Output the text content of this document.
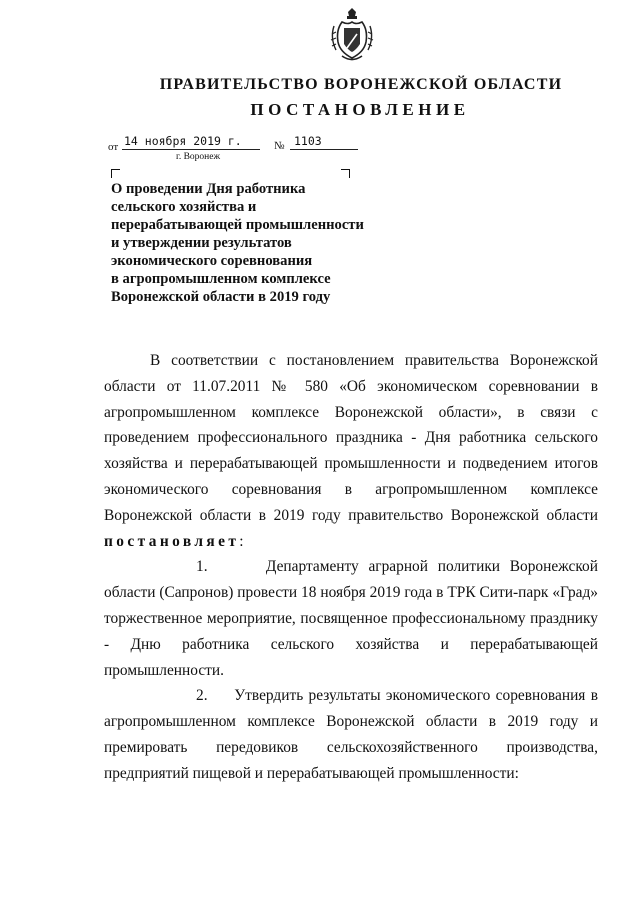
ПРАВИТЕЛЬСТВО ВОРОНЕЖСКОЙ ОБЛАСТИ
ПОСТАНОВЛЕНИЕ
от 14 ноября 2019 г.	№ 1103
г. Воронеж
О проведении Дня работника
сельского хозяйства и
перерабатывающей промышленности
и утверждении результатов
экономического соревнования
в агропромышленном комплексе
Воронежской области в 2019 году
В соответствии с постановлением правительства Воронежской области от 11.07.2011 № 580 «Об экономическом соревновании в агропромышленном комплексе Воронежской области», в связи с проведением профессионального праздника - Дня работника сельского хозяйства и перерабатывающей промышленности и подведением итогов экономического соревнования в агропромышленном комплексе Воронежской области в 2019 году правительство Воронежской области
постановляет:
1.	Департаменту аграрной политики Воронежской области (Сапронов) провести 18 ноября 2019 года в ТРК Сити-парк «Град» торжественное мероприятие, посвященное профессиональному празднику - Дню работника сельского хозяйства и перерабатывающей промышленности.
2. Утвердить результаты экономического соревнования в агропромышленном комплексе Воронежской области в 2019 году и премировать передовиков сельскохозяйственного производства, предприятий пищевой и перерабатывающей промышленности:
